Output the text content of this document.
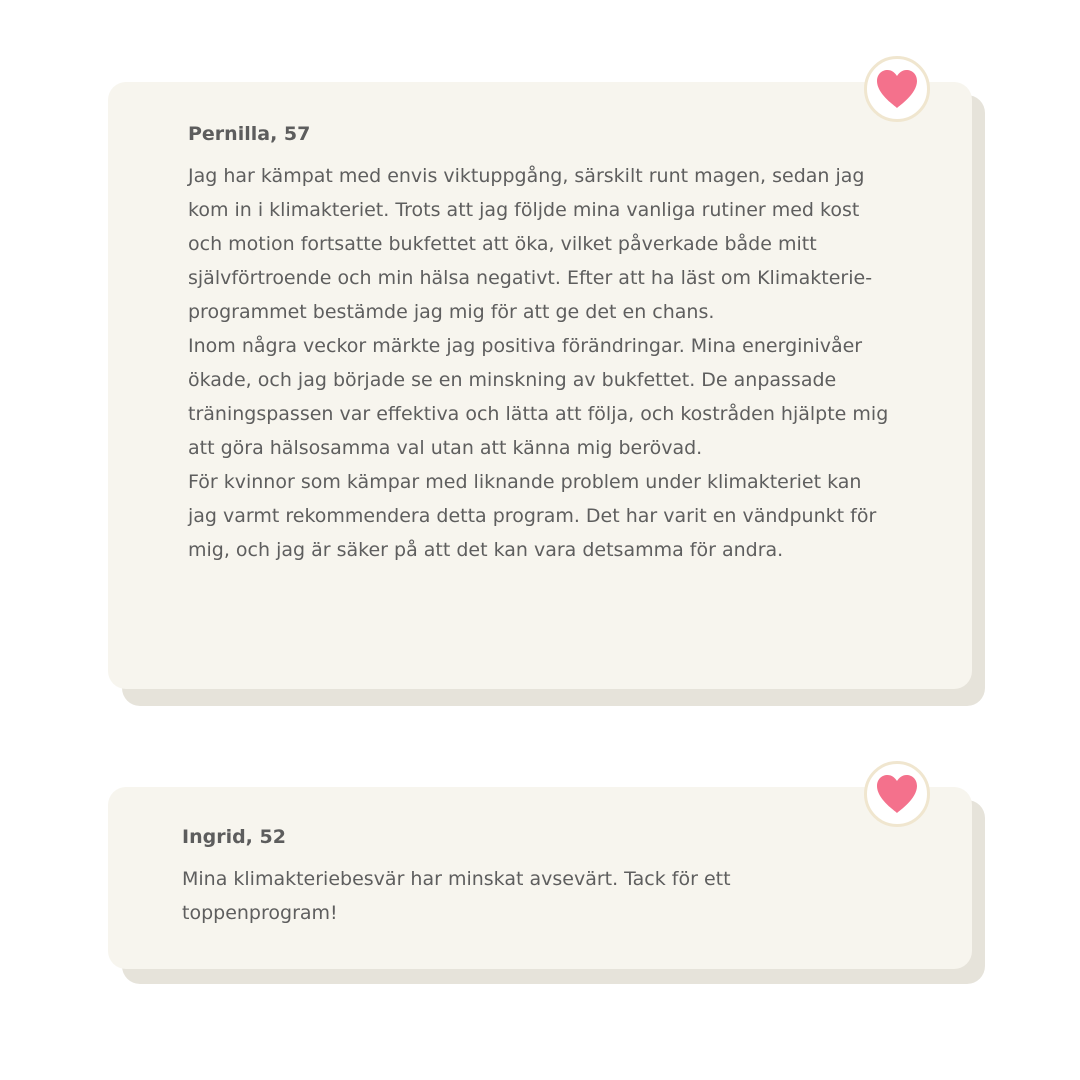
Pernilla, 57

Jag har kämpat med envis viktuppgång, särskilt runt magen, sedan jag kom in i klimakteriet. Trots att jag följde mina vanliga rutiner med kost och motion fortsatte bukfettet att öka, vilket påverkade både mitt självförtroende och min hälsa negativt. Efter att ha läst om Klimakterie-programmet bestämde jag mig för att ge det en chans.

Inom några veckor märkte jag positiva förändringar. Mina energinivåer ökade, och jag började se en minskning av bukfettet. De anpassade träningspassen var effektiva och lätta att följa, och kostråden hjälpte mig att göra hälsosamma val utan att känna mig berövad.

För kvinnor som kämpar med liknande problem under klimakteriet kan jag varmt rekommendera detta program. Det har varit en vändpunkt för mig, och jag är säker på att det kan vara detsamma för andra.

Ingrid, 52

Mina klimakteriebesvär har minskat avsevärt. Tack för ett toppenprogram!
